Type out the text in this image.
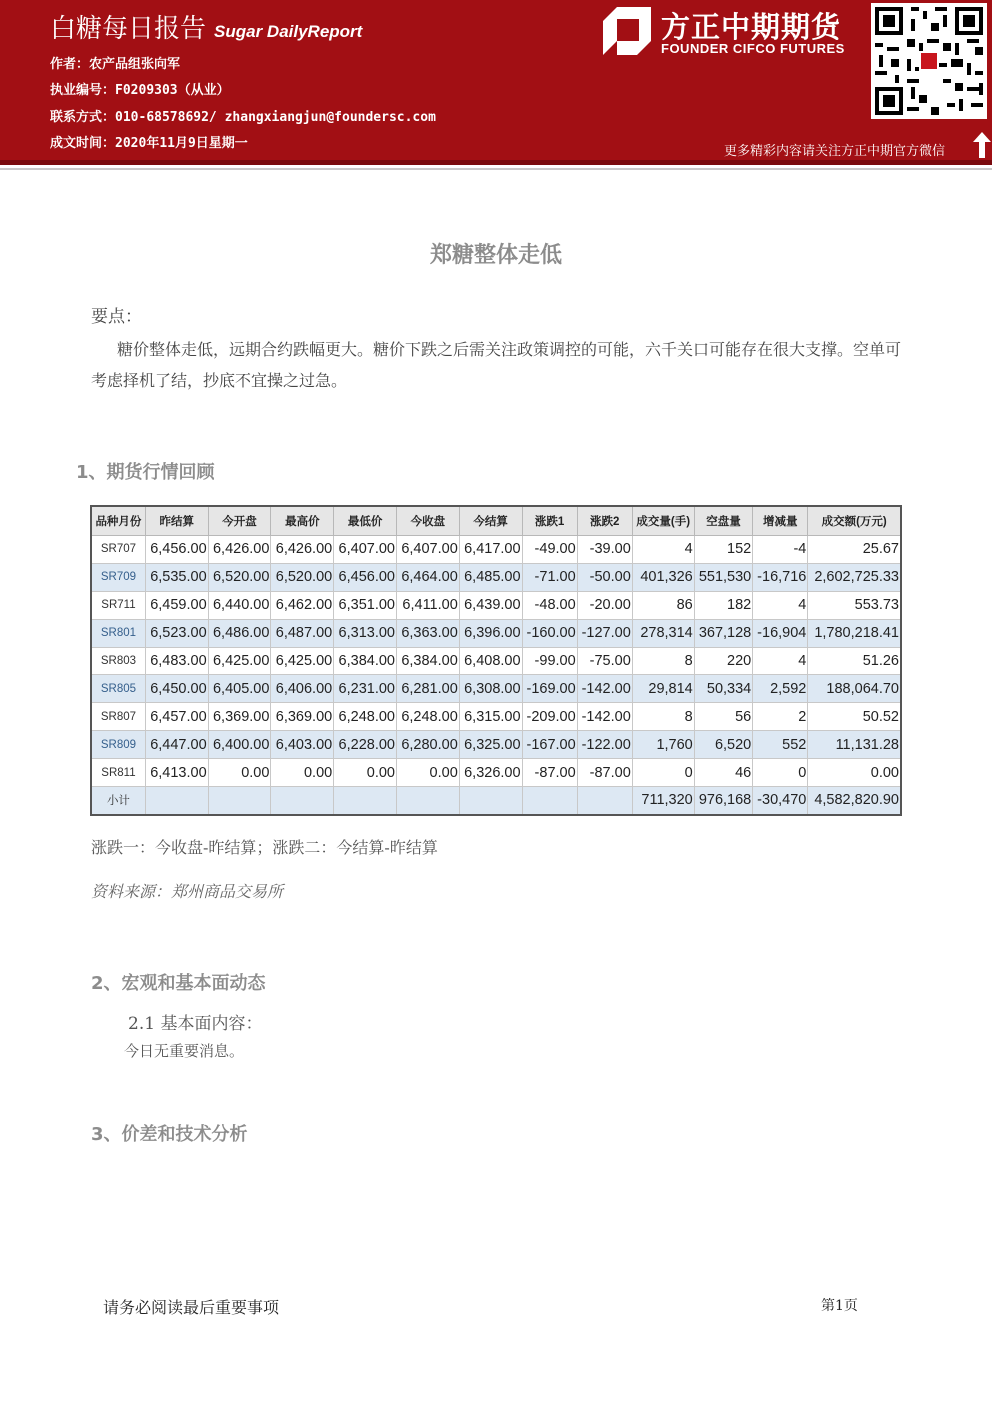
白糖每日报告 Sugar DailyReport
作者：农产品组张向军
执业编号：F0209303（从业）
联系方式：010-68578692/ zhangxiangjun@foundersc.com
成文时间：2020年11月9日星期一
方正中期期货
FOUNDER CIFCO FUTURES
更多精彩内容请关注方正中期官方微信
郑糖整体走低
要点：
糖价整体走低，远期合约跌幅更大。糖价下跌之后需关注政策调控的可能，六千关口可能存在很大支撑。空单可考虑择机了结，抄底不宜操之过急。
1、期货行情回顾
品种月份	昨结算	今开盘	最高价	最低价	今收盘	今结算	涨跌1	涨跌2	成交量(手)	空盘量	增减量	成交额(万元)
SR707	6,456.00	6,426.00	6,426.00	6,407.00	6,407.00	6,417.00	-49.00	-39.00	4	152	-4	25.67
SR709	6,535.00	6,520.00	6,520.00	6,456.00	6,464.00	6,485.00	-71.00	-50.00	401,326	551,530	-16,716	2,602,725.33
SR711	6,459.00	6,440.00	6,462.00	6,351.00	6,411.00	6,439.00	-48.00	-20.00	86	182	4	553.73
SR801	6,523.00	6,486.00	6,487.00	6,313.00	6,363.00	6,396.00	-160.00	-127.00	278,314	367,128	-16,904	1,780,218.41
SR803	6,483.00	6,425.00	6,425.00	6,384.00	6,384.00	6,408.00	-99.00	-75.00	8	220	4	51.26
SR805	6,450.00	6,405.00	6,406.00	6,231.00	6,281.00	6,308.00	-169.00	-142.00	29,814	50,334	2,592	188,064.70
SR807	6,457.00	6,369.00	6,369.00	6,248.00	6,248.00	6,315.00	-209.00	-142.00	8	56	2	50.52
SR809	6,447.00	6,400.00	6,403.00	6,228.00	6,280.00	6,325.00	-167.00	-122.00	1,760	6,520	552	11,131.28
SR811	6,413.00	0.00	0.00	0.00	0.00	6,326.00	-87.00	-87.00	0	46	0	0.00
小计									711,320	976,168	-30,470	4,582,820.90
涨跌一：今收盘-昨结算；涨跌二：今结算-昨结算
资料来源：郑州商品交易所
2、宏观和基本面动态
2.1 基本面内容：
今日无重要消息。
3、价差和技术分析
请务必阅读最后重要事项	第1页
